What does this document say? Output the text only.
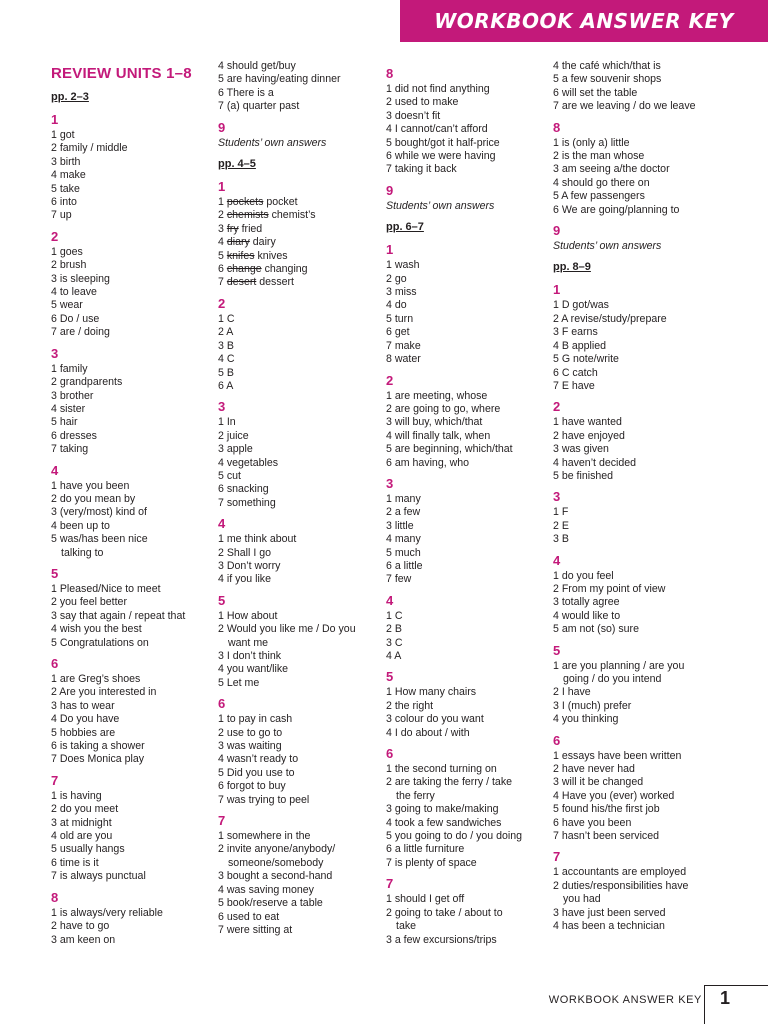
WORKBOOK ANSWER KEY
REVIEW UNITS 1–8
pp. 2–3
1
1 got
2 family / middle
3 birth
4 make
5 take
6 into
7 up
2
1 goes
2 brush
3 is sleeping
4 to leave
5 wear
6 Do / use
7 are / doing
3
1 family
2 grandparents
3 brother
4 sister
5 hair
6 dresses
7 taking
4
1 have you been
2 do you mean by
3 (very/most) kind of
4 been up to
5 was/has been nice
talking to
5
1 Pleased/Nice to meet
2 you feel better
3 say that again / repeat that
4 wish you the best
5 Congratulations on
6
1 are Greg’s shoes
2 Are you interested in
3 has to wear
4 Do you have
5 hobbies are
6 is taking a shower
7 Does Monica play
7
1 is having
2 do you meet
3 at midnight
4 old are you
5 usually hangs
6 time is it
7 is always punctual
8
1 is always/very reliable
2 have to go
3 am keen on
4 should get/buy
5 are having/eating dinner
6 There is a
7 (a) quarter past
9
Students’ own answers
pp. 4–5
1
1 pockets pocket
2 chemists chemist’s
3 fry fried
4 diary dairy
5 knifes knives
6 change changing
7 desert dessert
2
1 C
2 A
3 B
4 C
5 B
6 A
3
1 In
2 juice
3 apple
4 vegetables
5 cut
6 snacking
7 something
4
1 me think about
2 Shall I go
3 Don’t worry
4 if you like
5
1 How about
2 Would you like me / Do you
want me
3 I don’t think
4 you want/like
5 Let me
6
1 to pay in cash
2 use to go to
3 was waiting
4 wasn’t ready to
5 Did you use to
6 forgot to buy
7 was trying to peel
7
1 somewhere in the
2 invite anyone/anybody/
someone/somebody
3 bought a second-hand
4 was saving money
5 book/reserve a table
6 used to eat
7 were sitting at
8
1 did not find anything
2 used to make
3 doesn’t fit
4 I cannot/can’t afford
5 bought/got it half-price
6 while we were having
7 taking it back
9
Students’ own answers
pp. 6–7
1
1 wash
2 go
3 miss
4 do
5 turn
6 get
7 make
8 water
2
1 are meeting, whose
2 are going to go, where
3 will buy, which/that
4 will finally talk, when
5 are beginning, which/that
6 am having, who
3
1 many
2 a few
3 little
4 many
5 much
6 a little
7 few
4
1 C
2 B
3 C
4 A
5
1 How many chairs
2 the right
3 colour do you want
4 I do about / with
6
1 the second turning on
2 are taking the ferry / take
the ferry
3 going to make/making
4 took a few sandwiches
5 you going to do / you doing
6 a little furniture
7 is plenty of space
7
1 should I get off
2 going to take / about to
take
3 a few excursions/trips
4 the café which/that is
5 a few souvenir shops
6 will set the table
7 are we leaving / do we leave
8
1 is (only a) little
2 is the man whose
3 am seeing a/the doctor
4 should go there on
5 A few passengers
6 We are going/planning to
9
Students’ own answers
pp. 8–9
1
1 D got/was
2 A revise/study/prepare
3 F earns
4 B applied
5 G note/write
6 C catch
7 E have
2
1 have wanted
2 have enjoyed
3 was given
4 haven’t decided
5 be finished
3
1 F
2 E
3 B
4
1 do you feel
2 From my point of view
3 totally agree
4 would like to
5 am not (so) sure
5
1 are you planning / are you
going / do you intend
2 I have
3 I (much) prefer
4 you thinking
6
1 essays have been written
2 have never had
3 will it be changed
4 Have you (ever) worked
5 found his/the first job
6 have you been
7 hasn’t been serviced
7
1 accountants are employed
2 duties/responsibilities have
you had
3 have just been served
4 has been a technician
WORKBOOK ANSWER KEY 1
